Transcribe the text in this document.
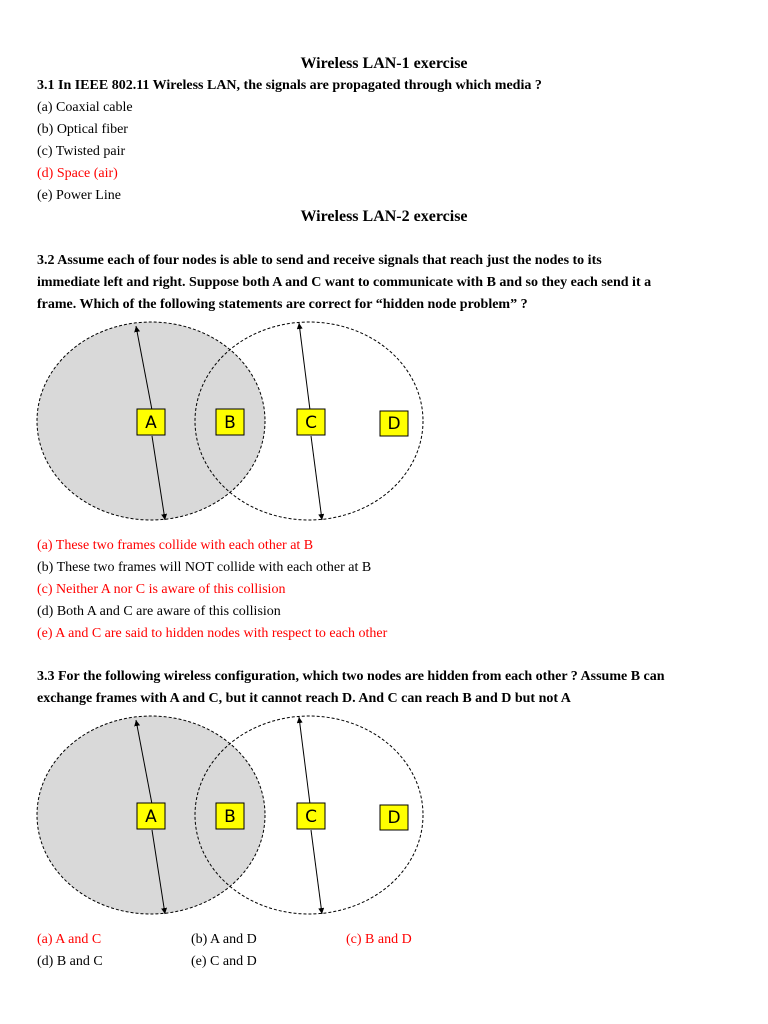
Wireless LAN-1 exercise
3.1 In IEEE 802.11 Wireless LAN, the signals are propagated through which media ?
(a) Coaxial cable
(b) Optical fiber
(c) Twisted pair
(d) Space (air)
(e) Power Line
Wireless LAN-2 exercise
3.2 Assume each of four nodes is able to send and receive signals that reach just the nodes to its
immediate left and right. Suppose both A and C want to communicate with B and so they each send it a
frame. Which of the following statements are correct for “hidden node problem” ?
A	B	C	D
(a) These two frames collide with each other at B
(b) These two frames will NOT collide with each other at B
(c) Neither A nor C is aware of this collision
(d) Both A and C are aware of this collision
(e) A and C are said to hidden nodes with respect to each other
3.3 For the following wireless configuration, which two nodes are hidden from each other ? Assume B can
exchange frames with A and C, but it cannot reach D. And C can reach B and D but not A
A	B	C	D
(a) A and C	(b) A and D	(c) B and D
(d) B and C	(e) C and D
